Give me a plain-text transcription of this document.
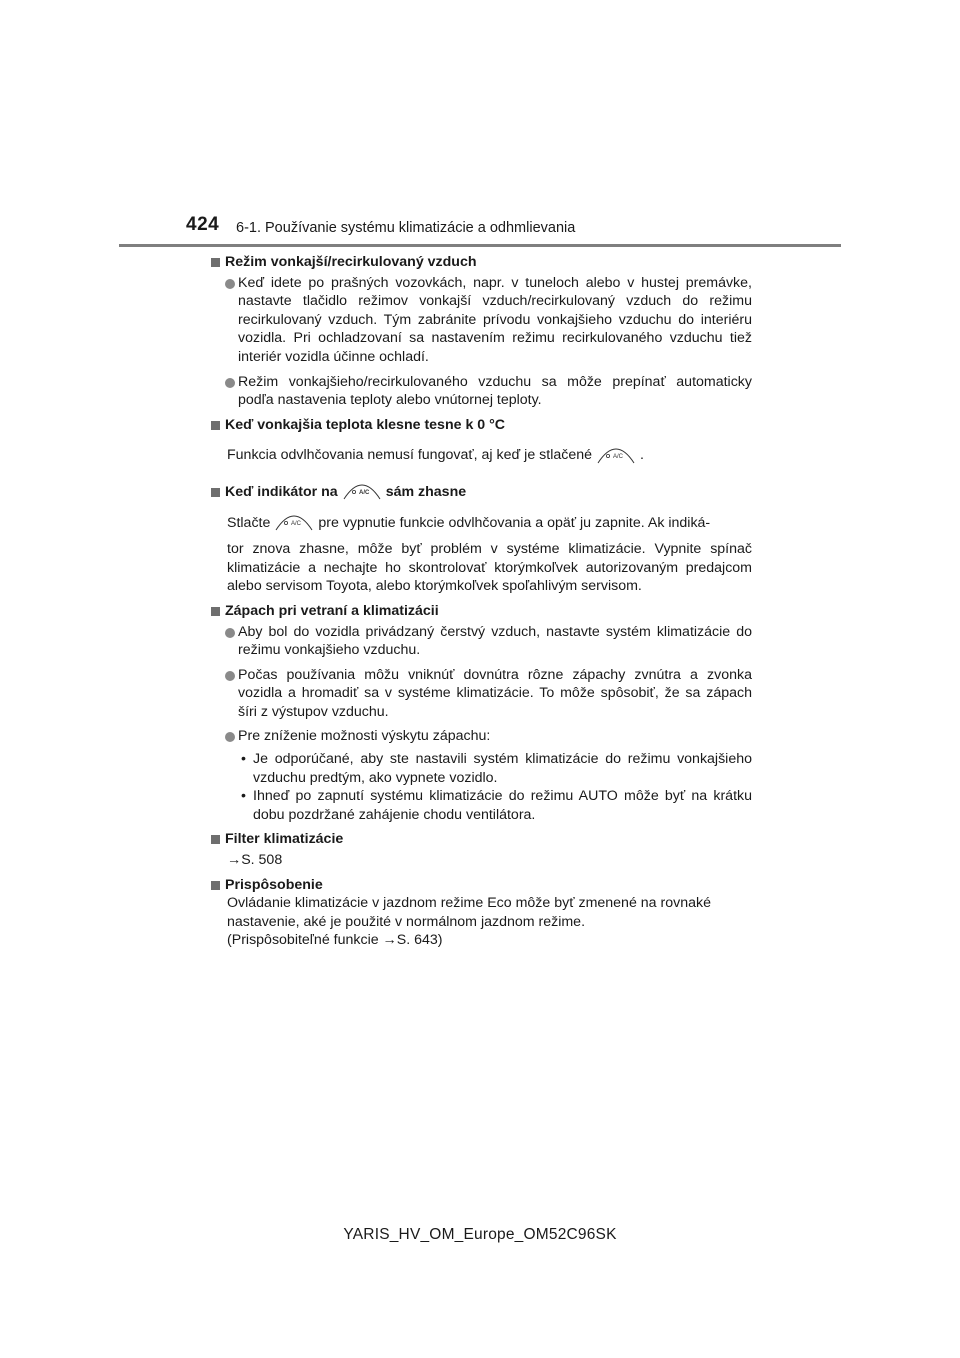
424 6-1. Používanie systému klimatizácie a odhmlievania
Režim vonkajší/recirkulovaný vzduch
Keď idete po prašných vozovkách, napr. v tuneloch alebo v hustej premávke, nastavte tlačidlo režimov vonkajší vzduch/recirkulovaný vzduch do režimu recirkulovaný vzduch. Tým zabránite prívodu vonkajšieho vzduchu do interiéru vozidla. Pri ochladzovaní sa nastavením režimu recirkulovaného vzduchu tiež interiér vozidla účinne ochladí.
Režim vonkajšieho/recirkulovaného vzduchu sa môže prepínať automaticky podľa nastavenia teploty alebo vnútornej teploty.
Keď vonkajšia teplota klesne tesne k 0 °C
Funkcia odvlhčovania nemusí fungovať, aj keď je stlačené	A/C .
Keď indikátor na	A/C sám zhasne
Stlačte	A/C pre vypnutie funkcie odvlhčovania a opäť ju zapnite. Ak indiká-
tor znova zhasne, môže byť problém v systéme klimatizácie. Vypnite spínač klimatizácie a nechajte ho skontrolovať ktorýmkoľvek autorizovaným predajcom alebo servisom Toyota, alebo ktorýmkoľvek spoľahlivým servisom.
Zápach pri vetraní a klimatizácii
Aby bol do vozidla privádzaný čerstvý vzduch, nastavte systém klimatizácie do režimu vonkajšieho vzduchu.
Počas používania môžu vniknúť dovnútra rôzne zápachy zvnútra a zvonka vozidla a hromadiť sa v systéme klimatizácie. To môže spôsobiť, že sa zápach šíri z výstupov vzduchu.
Pre zníženie možnosti výskytu zápachu:
• Je odporúčané, aby ste nastavili systém klimatizácie do režimu vonkajšieho vzduchu predtým, ako vypnete vozidlo.
• Ihneď po zapnutí systému klimatizácie do režimu AUTO môže byť na krátku dobu pozdržané zahájenie chodu ventilátora.
Filter klimatizácie
→S. 508
Prispôsobenie
Ovládanie klimatizácie v jazdnom režime Eco môže byť zmenené na rovnaké nastavenie, aké je použité v normálnom jazdnom režime.
(Prispôsobiteľné funkcie →S. 643)
YARIS_HV_OM_Europe_OM52C96SK
